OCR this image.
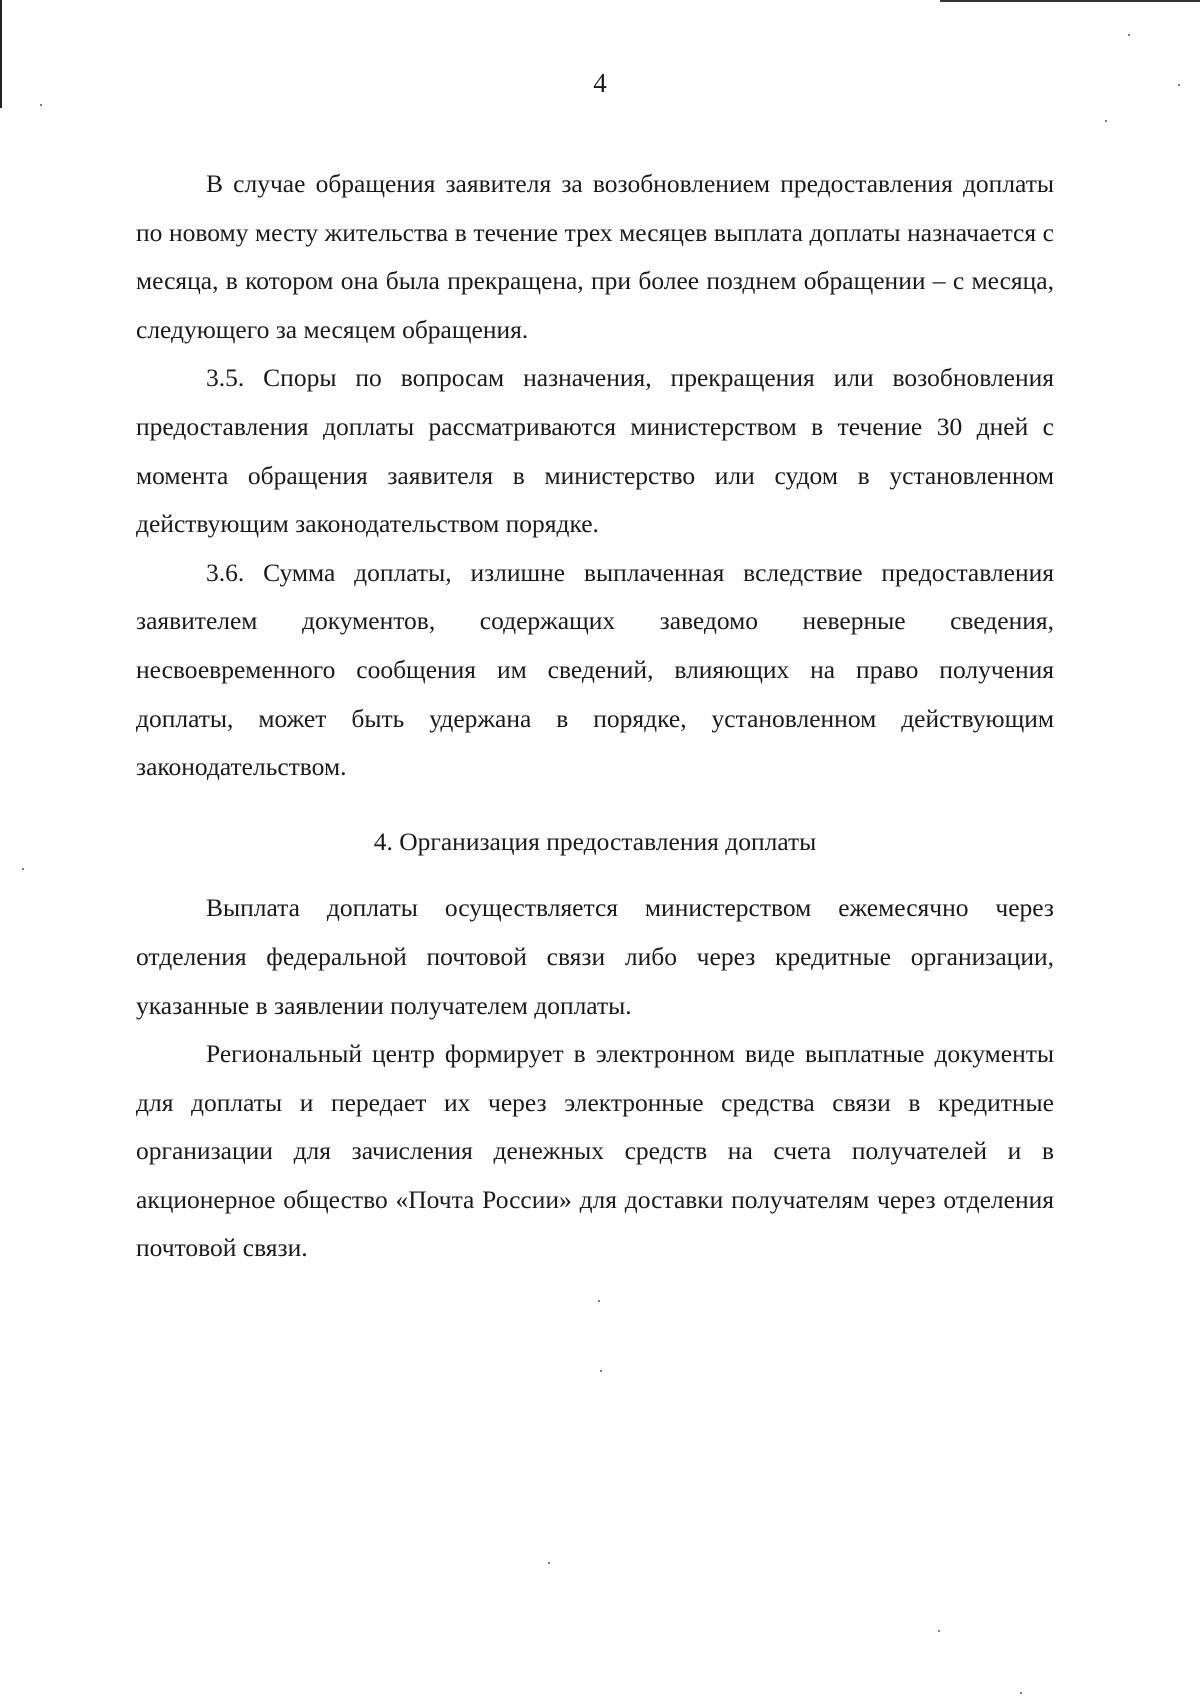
4

В случае обращения заявителя за возобновлением предоставления доплаты по новому месту жительства в течение трех месяцев выплата доплаты назначается с месяца, в котором она была прекращена, при более позднем обращении – с месяца, следующего за месяцем обращения.

3.5. Споры по вопросам назначения, прекращения или возобновления предоставления доплаты рассматриваются министерством в течение 30 дней с момента обращения заявителя в министерство или судом в установленном действующим законодательством порядке.

3.6. Сумма доплаты, излишне выплаченная вследствие предоставления заявителем документов, содержащих заведомо неверные сведения, несвоевременного сообщения им сведений, влияющих на право получения доплаты, может быть удержана в порядке, установленном действующим законодательством.

4. Организация предоставления доплаты

Выплата доплаты осуществляется министерством ежемесячно через отделения федеральной почтовой связи либо через кредитные организации, указанные в заявлении получателем доплаты.

Региональный центр формирует в электронном виде выплатные документы для доплаты и передает их через электронные средства связи в кредитные организации для зачисления денежных средств на счета получателей и в акционерное общество «Почта России» для доставки получателям через отделения почтовой связи.
